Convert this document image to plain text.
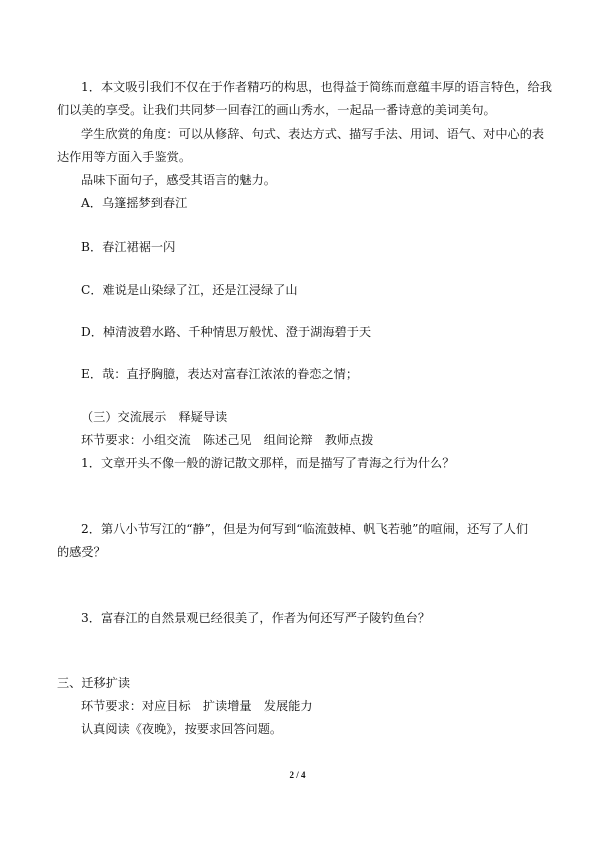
1．本文吸引我们不仅在于作者精巧的构思，也得益于简练而意蕴丰厚的语言特色，给我
们以美的享受。让我们共同梦一回春江的画山秀水，一起品一番诗意的美词美句。
学生欣赏的角度：可以从修辞、句式、表达方式、描写手法、用词、语气、对中心的表
达作用等方面入手鉴赏。
品味下面句子，感受其语言的魅力。
A．乌篷摇梦到春江
B．春江裙裾一闪
C．难说是山染绿了江，还是江浸绿了山
D．棹清波碧水路、千种情思万般忧、澄于湖海碧于天
E．哉：直抒胸臆，表达对富春江浓浓的眷恋之情；
（三）交流展示　释疑导读
环节要求：小组交流　陈述己见　组间论辩　教师点拨
1．文章开头不像一般的游记散文那样，而是描写了青海之行为什么？
2．第八小节写江的“静”，但是为何写到“临流鼓棹、帆飞若驰”的喧闹，还写了人们
的感受？
3．富春江的自然景观已经很美了，作者为何还写严子陵钓鱼台？
三、迁移扩读
环节要求：对应目标　扩读增量　发展能力
认真阅读《夜晚》，按要求回答问题。
2 / 4
